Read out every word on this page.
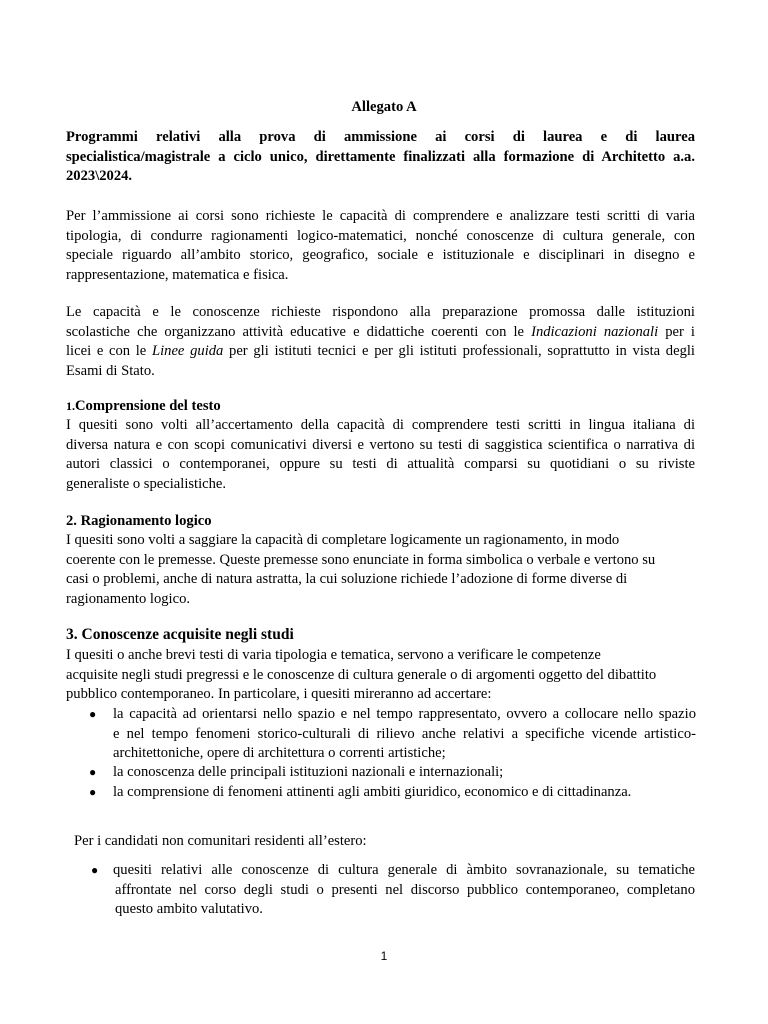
Allegato A

Programmi relativi alla prova di ammissione ai corsi di laurea e di laurea
specialistica/magistrale a ciclo unico, direttamente finalizzati alla formazione di Architetto a.a.
2023\2024.
Per l’ammissione ai corsi sono richieste le capacità di comprendere e analizzare testi scritti di varia
tipologia, di condurre ragionamenti logico-matematici, nonché conoscenze di cultura generale, con
speciale riguardo all’ambito storico, geografico, sociale e istituzionale e disciplinari in disegno e
rappresentazione, matematica e fisica.
Le capacità e le conoscenze richieste rispondono alla preparazione promossa dalle istituzioni
scolastiche che organizzano attività educative e didattiche coerenti con le Indicazioni nazionali per i
licei e con le Linee guida per gli istituti tecnici e per gli istituti professionali, soprattutto in vista degli
Esami di Stato.

1.Comprensione del testo

I quesiti sono volti all’accertamento della capacità di comprendere testi scritti in lingua italiana di
diversa natura e con scopi comunicativi diversi e vertono su testi di saggistica scientifica o narrativa di
autori classici o contemporanei, oppure su testi di attualità comparsi su quotidiani o su riviste
generaliste o specialistiche.

2. Ragionamento logico

I quesiti sono volti a saggiare la capacità di completare logicamente un ragionamento, in modo
coerente con le premesse. Queste premesse sono enunciate in forma simbolica o verbale e vertono su
casi o problemi, anche di natura astratta, la cui soluzione richiede l’adozione di forme diverse di
ragionamento logico.

3. Conoscenze acquisite negli studi

I quesiti o anche brevi testi di varia tipologia e tematica, servono a verificare le competenze
acquisite negli studi pregressi e le conoscenze di cultura generale o di argomenti oggetto del dibattito
pubblico contemporaneo. In particolare, i quesiti mireranno ad accertare:
● la capacità ad orientarsi nello spazio e nel tempo rappresentato, ovvero a collocare nello spazio
e nel tempo fenomeni storico-culturali di rilievo anche relativi a specifiche vicende artistico-
architettoniche, opere di architettura o correnti artistiche;
● la conoscenza delle principali istituzioni nazionali e internazionali;

● la comprensione di fenomeni attinenti agli ambiti giuridico, economico e di cittadinanza.

Per i candidati non comunitari residenti all’estero:

● quesiti relativi alle conoscenze di cultura generale di àmbito sovranazionale, su tematiche
affrontate nel corso degli studi o presenti nel discorso pubblico contemporaneo, completano
questo ambito valutativo.

1
